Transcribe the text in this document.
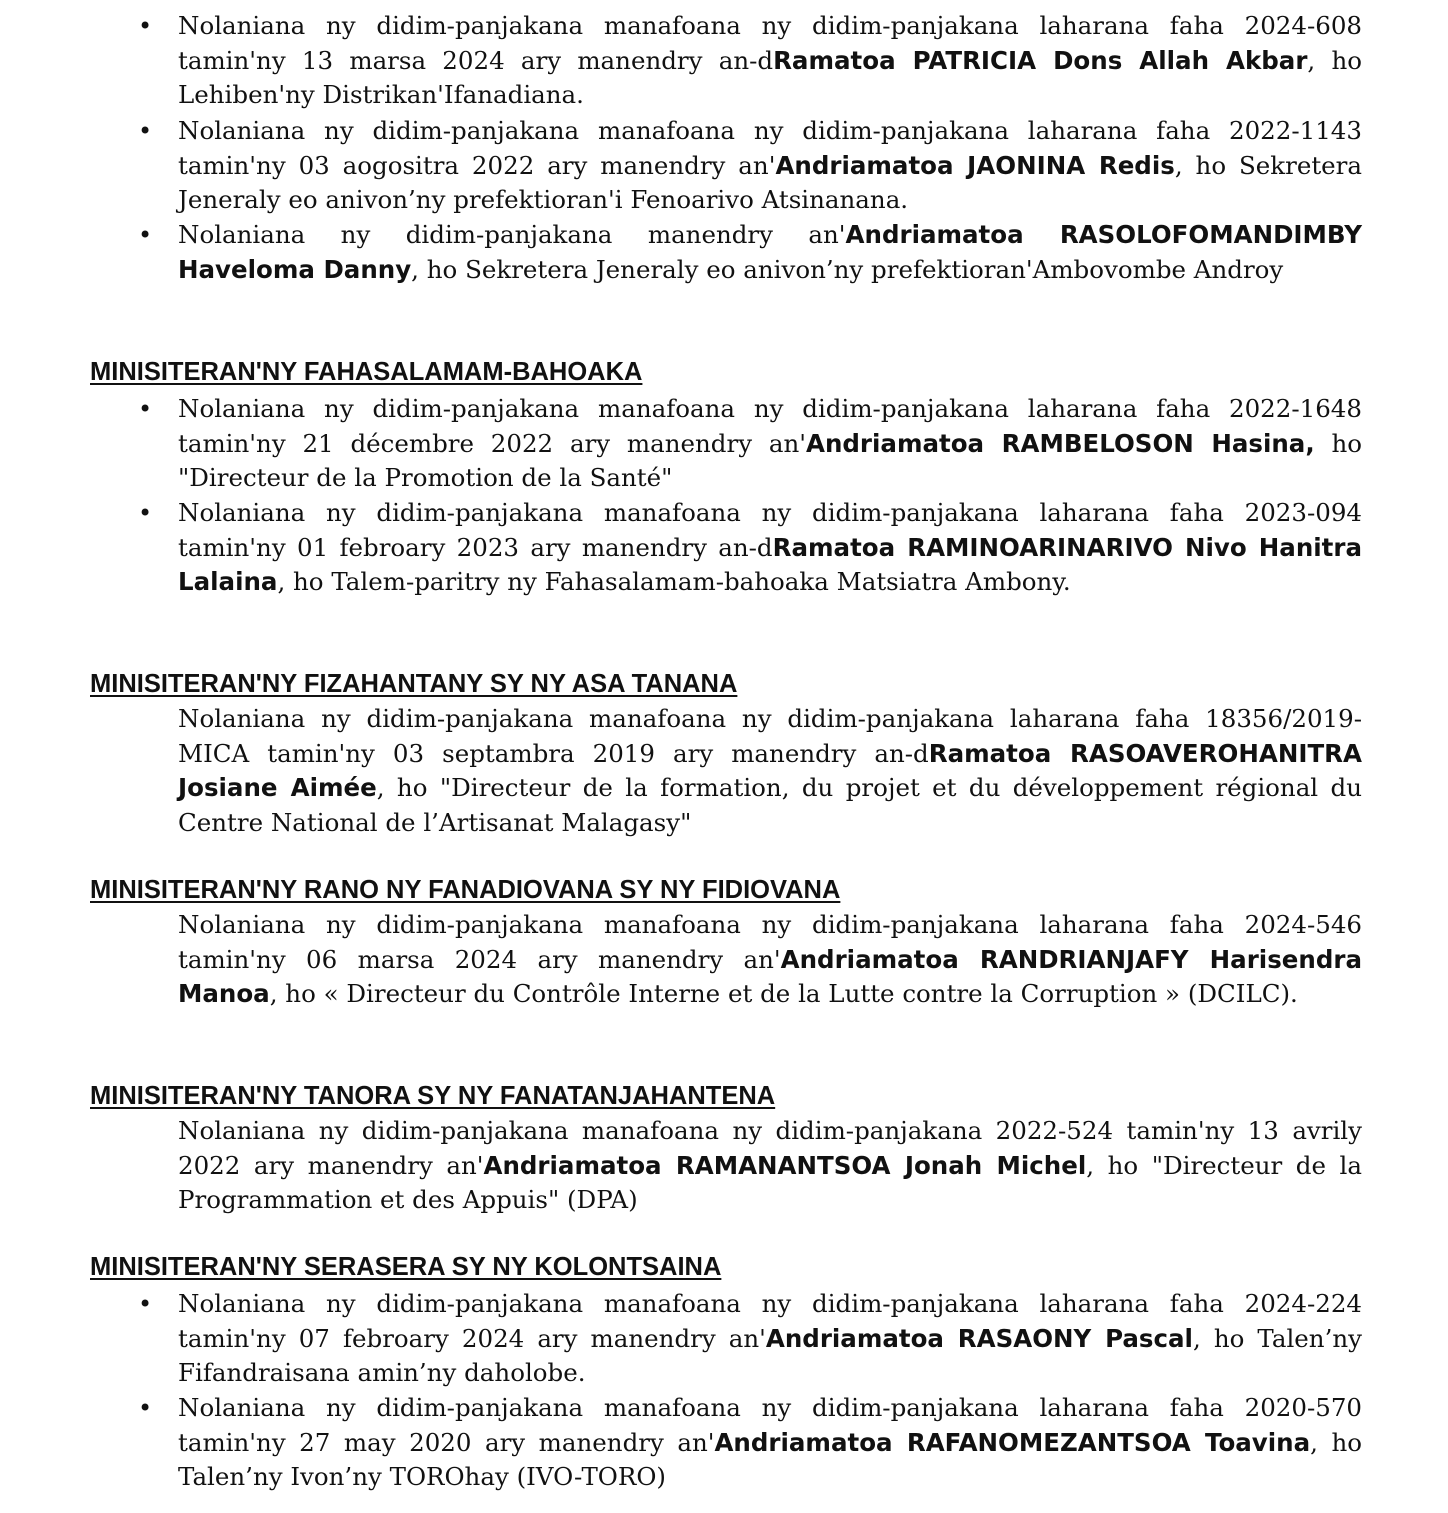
• Nolaniana ny didim-panjakana manafoana ny didim-panjakana laharana faha 2024-608 tamin'ny 13 marsa 2024 ary manendry an-dRamatoa PATRICIA Dons Allah Akbar, ho Lehiben'ny Distrikan'Ifanadiana.

• Nolaniana ny didim-panjakana manafoana ny didim-panjakana laharana faha 2022-1143 tamin'ny 03 aogositra 2022 ary manendry an'Andriamatoa JAONINA Redis, ho Sekretera Jeneraly eo anivon’ny prefektioran'i Fenoarivo Atsinanana.

• Nolaniana ny didim-panjakana manendry an'Andriamatoa RASOLOFOMANDIMBY Haveloma Danny, ho Sekretera Jeneraly eo anivon’ny prefektioran'Ambovombe Androy

MINISITERAN'NY FAHASALAMAM-BAHOAKA

• Nolaniana ny didim-panjakana manafoana ny didim-panjakana laharana faha 2022-1648 tamin'ny 21 décembre 2022 ary manendry an'Andriamatoa RAMBELOSON Hasina, ho "Directeur de la Promotion de la Santé"

• Nolaniana ny didim-panjakana manafoana ny didim-panjakana laharana faha 2023-094 tamin'ny 01 febroary 2023 ary manendry an-dRamatoa RAMINOARINARIVO Nivo Hanitra Lalaina, ho Talem-paritry ny Fahasalamam-bahoaka Matsiatra Ambony.

MINISITERAN'NY FIZAHANTANY SY NY ASA TANANA

Nolaniana ny didim-panjakana manafoana ny didim-panjakana laharana faha 18356/2019-MICA tamin'ny 03 septambra 2019 ary manendry an-dRamatoa RASOAVEROHANITRA Josiane Aimée, ho "Directeur de la formation, du projet et du développement régional du Centre National de l’Artisanat Malagasy"

MINISITERAN'NY RANO NY FANADIOVANA SY NY FIDIOVANA

Nolaniana ny didim-panjakana manafoana ny didim-panjakana laharana faha 2024-546 tamin'ny 06 marsa 2024 ary manendry an'Andriamatoa RANDRIANJAFY Harisendra Manoa, ho « Directeur du Contrôle Interne et de la Lutte contre la Corruption » (DCILC).

MINISITERAN'NY TANORA SY NY FANATANJAHANTENA

Nolaniana ny didim-panjakana manafoana ny didim-panjakana 2022-524 tamin'ny 13 avrily 2022 ary manendry an'Andriamatoa RAMANANTSOA Jonah Michel, ho "Directeur de la Programmation et des Appuis" (DPA)

MINISITERAN'NY SERASERA SY NY KOLONTSAINA

• Nolaniana ny didim-panjakana manafoana ny didim-panjakana laharana faha 2024-224 tamin'ny 07 febroary 2024 ary manendry an'Andriamatoa RASAONY Pascal, ho Talen’ny Fifandraisana amin’ny daholobe.

• Nolaniana ny didim-panjakana manafoana ny didim-panjakana laharana faha 2020-570 tamin'ny 27 may 2020 ary manendry an'Andriamatoa RAFANOMEZANTSOA Toavina, ho Talen’ny Ivon’ny TOROhay (IVO-TORO)
